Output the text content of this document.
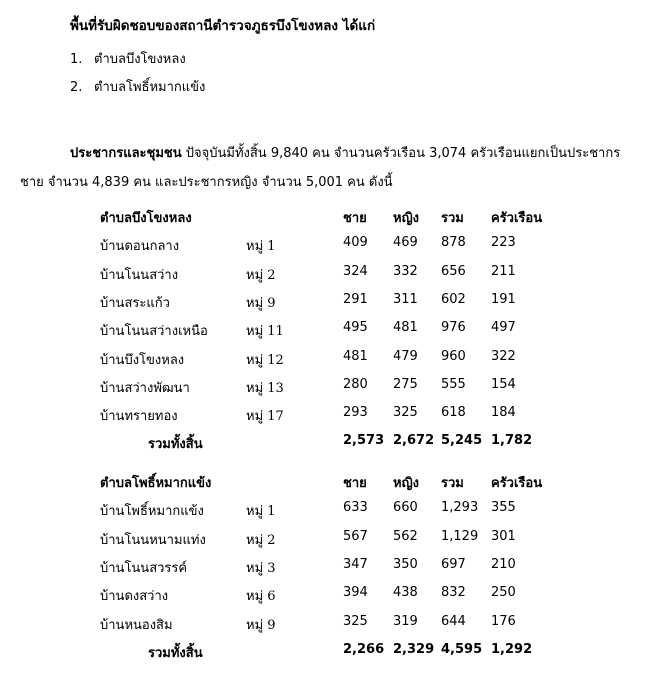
พื้นที่รับผิดชอบของสถานีตำรวจภูธรบึงโขงหลง ได้แก่
1. ตำบลบึงโขงหลง
2. ตำบลโพธิ์หมากแข้ง
ประชากรและชุมชน ปัจจุบันมีทั้งสิ้น 9,840 คน จำนวนครัวเรือน 3,074 ครัวเรือนแยกเป็นประชากร
ชาย จำนวน 4,839 คน และประชากรหญิง จำนวน 5,001 คน ดังนี้
ตำบลบึงโขงหลง	ชาย หญิง รวม ครัวเรือน
บ้านดอนกลาง	หมู่ 1	409 469 878 223
บ้านโนนสว่าง	หมู่ 2	324 332 656 211
บ้านสระแก้ว	หมู่ 9	291 311 602 191
บ้านโนนสว่างเหนือ	หมู่ 11	495 481 976 497
บ้านบึงโขงหลง	หมู่ 12	481 479 960 322
บ้านสว่างพัฒนา	หมู่ 13	280 275 555 154
บ้านทรายทอง	หมู่ 17	293 325 618 184
รวมทั้งสิ้น	2,573 2,672 5,245 1,782
ตำบลโพธิ์หมากแข้ง	ชาย หญิง รวม ครัวเรือน
บ้านโพธิ์หมากแข้ง	หมู่ 1	633 660 1,293 355
บ้านโนนหนามแท่ง	หมู่ 2	567 562 1,129 301
บ้านโนนสวรรค์	หมู่ 3	347 350 697 210
บ้านดงสว่าง	หมู่ 6	394 438 832 250
บ้านหนองสิม	หมู่ 9	325 319 644 176
รวมทั้งสิ้น	2,266 2,329 4,595 1,292
